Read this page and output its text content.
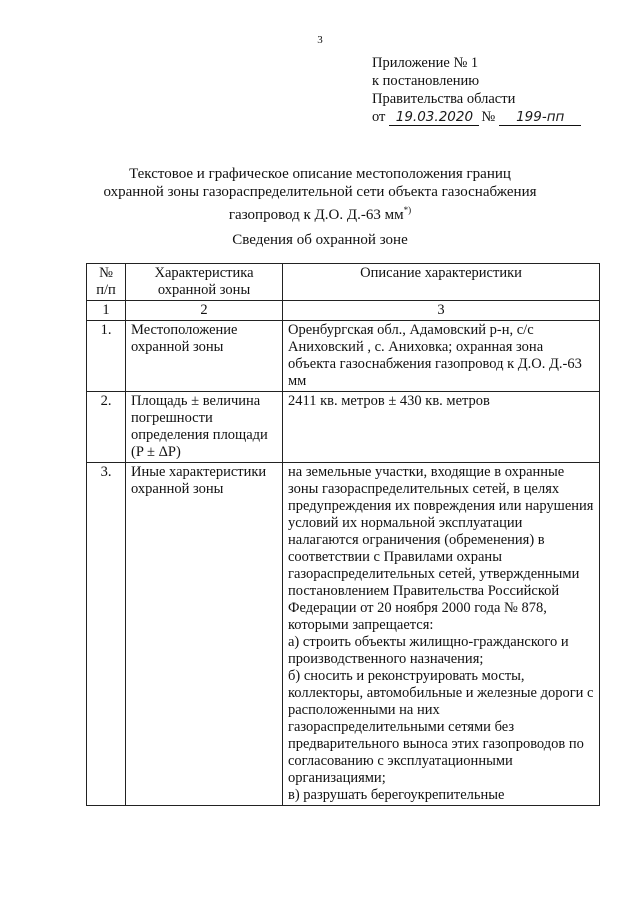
3
Приложение № 1
к постановлению
Правительства области
от 19.03.2020 № 199-пп
Текстовое и графическое описание местоположения границ
охранной зоны газораспределительной сети объекта газоснабжения
газопровод к Д.О. Д.-63 мм*)
Сведения об охранной зоне
№ п/п	Характеристика охранной зоны	Описание характеристики
1	2	3
1.	Местоположение охранной зоны	Оренбургская обл., Адамовский р-н, с/с Аниховский , с. Аниховка; охранная зона объекта газоснабжения газопровод к Д.О. Д.-63 мм
2.	Площадь ± величина погрешности определения площади (P ± ΔP)	2411 кв. метров ± 430 кв. метров
3.	Иные характеристики охранной зоны	на земельные участки, входящие в охранные зоны газораспределительных сетей, в целях предупреждения их повреждения или нарушения условий их нормальной эксплуатации налагаются ограничения (обременения) в соответствии с Правилами охраны газораспределительных сетей, утвержденными постановлением Правительства Российской Федерации от 20 ноября 2000 года № 878, которыми запрещается:
а) строить объекты жилищно-гражданского и производственного назначения;
б) сносить и реконструировать мосты, коллекторы, автомобильные и железные дороги с расположенными на них газораспределительными сетями без предварительного выноса этих газопроводов по согласованию с эксплуатационными организациями;
в) разрушать берегоукрепительные
